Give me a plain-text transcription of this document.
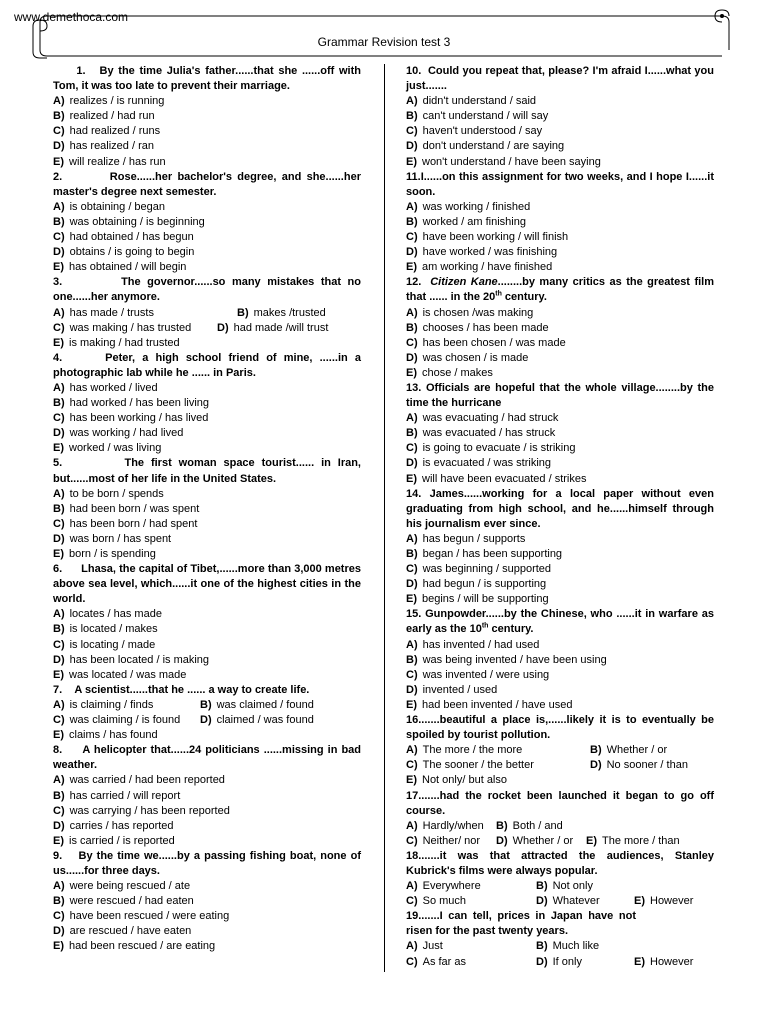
www.demethoca.com
Grammar Revision test 3
1. By the time Julia's father......that she ......off with Tom, it was too late to prevent their marriage.
A) realizes / is running
B) realized / had run
C) had realized / runs
D) has realized / ran
E) will realize / has run
2.	Rose......her bachelor's degree, and she......her master's degree next semester.
A) is obtaining / began
B) was obtaining / is beginning
C) had obtained / has begun
D) obtains / is going to begin
E) has obtained / will begin
3.	The governor......so many mistakes that no one......her anymore.
A) has made / trusts	B) makes /trusted
C) was making / has trusted	D) had made /will trust
E) is making / had trusted
4.	Peter, a high school friend of mine, ......in a photographic lab while he ...... in Paris.
A) has worked / lived
B) had worked / has been living
C) has been working / has lived
D) was working / had lived
E) worked / was living
5.	The first woman space tourist...... in Iran, but......most of her life in the United States.
A) to be born / spends
B) had been born / was spent
C) has been born / had spent
D) was born / has spent
E) born / is spending
6. Lhasa, the capital of Tibet,......more than 3,000 metres above sea level, which......it one of the highest cities in the world.
A) locates / has made
B) is located / makes
C) is locating / made
D) has been located / is making
E) was located / was made
7. A scientist......that he ...... a way to create life.
A) is claiming / finds	B) was claimed / found
C) was claiming / is found	D) claimed / was found
E) claims / has found
8. A helicopter that......24 politicians ......missing in bad weather.
A) was carried / had been reported
B) has carried / will report
C) was carrying / has been reported
D) carries / has reported
E) is carried / is reported
9. By the time we......by a passing fishing boat, none of us......for three days.
A) were being rescued / ate
B) were rescued / had eaten
C) have been rescued / were eating
D) are rescued / have eaten
E) had been rescued / are eating
10. Could you repeat that, please? I'm afraid I......what you just.......
A) didn't understand / said
B) can't understand / will say
C) haven't understood / say
D) don't understand / are saying
E) won't understand / have been saying
11.I......on this assignment for two weeks, and I hope I......it soon.
A) was working / finished
B) worked / am finishing
C) have been working / will finish
D) have worked / was finishing
E) am working / have finished
12. Citizen Kane........by many critics as the greatest film that ...... in the 20th century.
A) is chosen /was making
B) chooses / has been made
C) has been chosen / was made
D) was chosen / is made
E) chose / makes
13. Officials are hopeful that the whole village........by the time the hurricane
A) was evacuating / had struck
B) was evacuated / has struck
C) is going to evacuate / is striking
D) is evacuated / was striking
E) will have been evacuated / strikes
14. James......working for a local paper without even graduating from high school, and he......himself through his journalism ever since.
A) has begun / supports
B) began / has been supporting
C) was beginning / supported
D) had begun / is supporting
E) begins / will be supporting
15. Gunpowder......by the Chinese, who ......it in warfare as early as the 10th century.
A) has invented / had used
B) was being invented / have been using
C) was invented / were using
D) invented / used
E) had been invented / have used
16.......beautiful a place is,......likely it is to eventually be spoiled by tourist pollution.
A) The more / the more	B) Whether / or
C) The sooner / the better	D) No sooner / than
E) Not only/ but also
17.......had the rocket been launched it began to go off course.
A) Hardly/when	B) Both / and
C) Neither/ nor	D) Whether / or	E) The more / than
18.......it was that attracted the audiences, Stanley Kubrick's films were always popular.
A) Everywhere	B) Not only
C) So much	D) Whatever	E) However
19.......I can tell, prices in Japan have not risen for the past twenty years.
A) Just	B) Much like
C) As far as	D) If only	E) However
